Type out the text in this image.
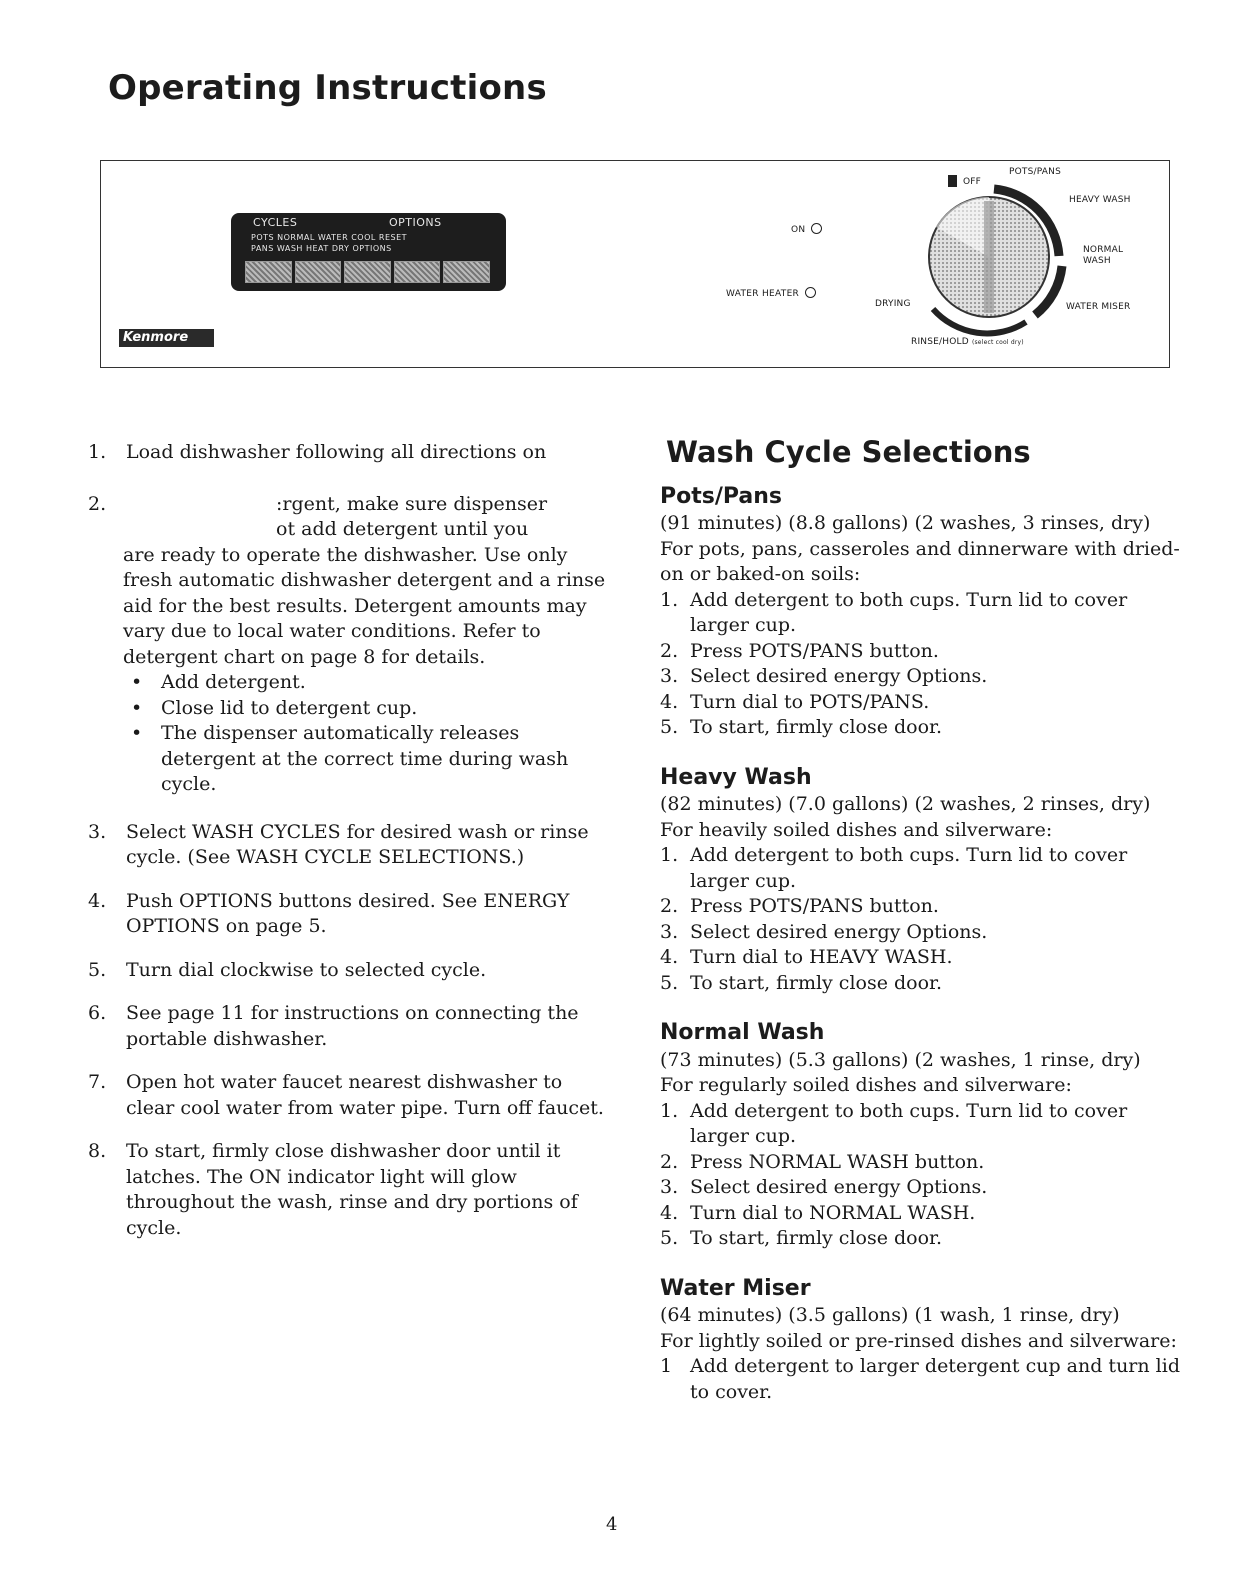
Operating Instructions
CYCLES	OPTIONS
POTS NORMAL WATER COOL RESET
PANS WASH HEAT DRY OPTIONS
Kenmore
ON
WATER HEATER
OFF
POTS/PANS
HEAVY WASH
NORMAL
WASH
WATER MISER
DRYING
RINSE/HOLD (select cool dry)

1. Load dishwasher following all directions on

2.	:rgent, make sure dispenser
ot add detergent until you
are ready to operate the dishwasher. Use only fresh automatic dishwasher detergent and a rinse aid for the best results. Detergent amounts may vary due to local water conditions. Refer to detergent chart on page 8 for details.
• Add detergent.
• Close lid to detergent cup.
• The dispenser automatically releases detergent at the correct time during wash cycle.

3. Select WASH CYCLES for desired wash or rinse cycle. (See WASH CYCLE SELECTIONS.)

4. Push OPTIONS buttons desired. See ENERGY OPTIONS on page 5.

5. Turn dial clockwise to selected cycle.

6. See page 11 for instructions on connecting the portable dishwasher.

7. Open hot water faucet nearest dishwasher to clear cool water from water pipe. Turn off faucet.

8. To start, firmly close dishwasher door until it latches. The ON indicator light will glow throughout the wash, rinse and dry portions of cycle.

Wash Cycle Selections
Pots/Pans
(91 minutes) (8.8 gallons) (2 washes, 3 rinses, dry)
For pots, pans, casseroles and dinnerware with dried-on or baked-on soils:
1. Add detergent to both cups. Turn lid to cover larger cup.
2. Press POTS/PANS button.
3. Select desired energy Options.
4. Turn dial to POTS/PANS.
5. To start, firmly close door.
Heavy Wash
(82 minutes) (7.0 gallons) (2 washes, 2 rinses, dry)
For heavily soiled dishes and silverware:
1. Add detergent to both cups. Turn lid to cover larger cup.
2. Press POTS/PANS button.
3. Select desired energy Options.
4. Turn dial to HEAVY WASH.
5. To start, firmly close door.
Normal Wash
(73 minutes) (5.3 gallons) (2 washes, 1 rinse, dry)
For regularly soiled dishes and silverware:
1. Add detergent to both cups. Turn lid to cover larger cup.
2. Press NORMAL WASH button.
3. Select desired energy Options.
4. Turn dial to NORMAL WASH.
5. To start, firmly close door.
Water Miser
(64 minutes) (3.5 gallons) (1 wash, 1 rinse, dry)
For lightly soiled or pre-rinsed dishes and silverware:
1 Add detergent to larger detergent cup and turn lid to cover.
4
